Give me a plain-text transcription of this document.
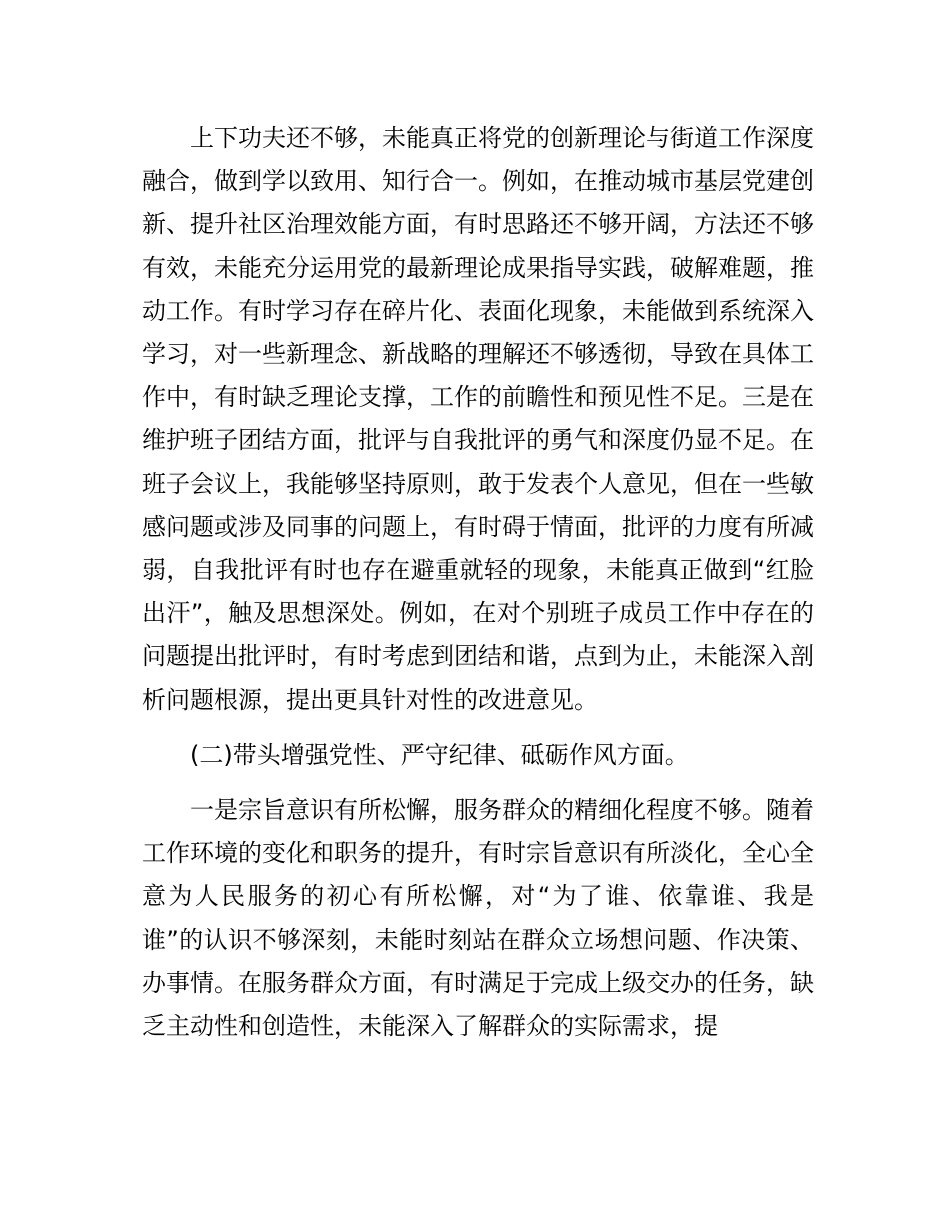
上下功夫还不够，未能真正将党的创新理论与街道工作深度融合，做到学以致用、知行合一。例如，在推动城市基层党建创新、提升社区治理效能方面，有时思路还不够开阔，方法还不够有效，未能充分运用党的最新理论成果指导实践，破解难题，推动工作。有时学习存在碎片化、表面化现象，未能做到系统深入学习，对一些新理念、新战略的理解还不够透彻，导致在具体工作中，有时缺乏理论支撑，工作的前瞻性和预见性不足。三是在维护班子团结方面，批评与自我批评的勇气和深度仍显不足。在班子会议上，我能够坚持原则，敢于发表个人意见，但在一些敏感问题或涉及同事的问题上，有时碍于情面，批评的力度有所减弱，自我批评有时也存在避重就轻的现象，未能真正做到“红脸出汗”，触及思想深处。例如，在对个别班子成员工作中存在的问题提出批评时，有时考虑到团结和谐，点到为止，未能深入剖析问题根源，提出更具针对性的改进意见。

(二)带头增强党性、严守纪律、砥砺作风方面。

一是宗旨意识有所松懈，服务群众的精细化程度不够。随着工作环境的变化和职务的提升，有时宗旨意识有所淡化，全心全意为人民服务的初心有所松懈，对“为了谁、依靠谁、我是谁”的认识不够深刻，未能时刻站在群众立场想问题、作决策、办事情。在服务群众方面，有时满足于完成上级交办的任务，缺乏主动性和创造性，未能深入了解群众的实际需求，提
